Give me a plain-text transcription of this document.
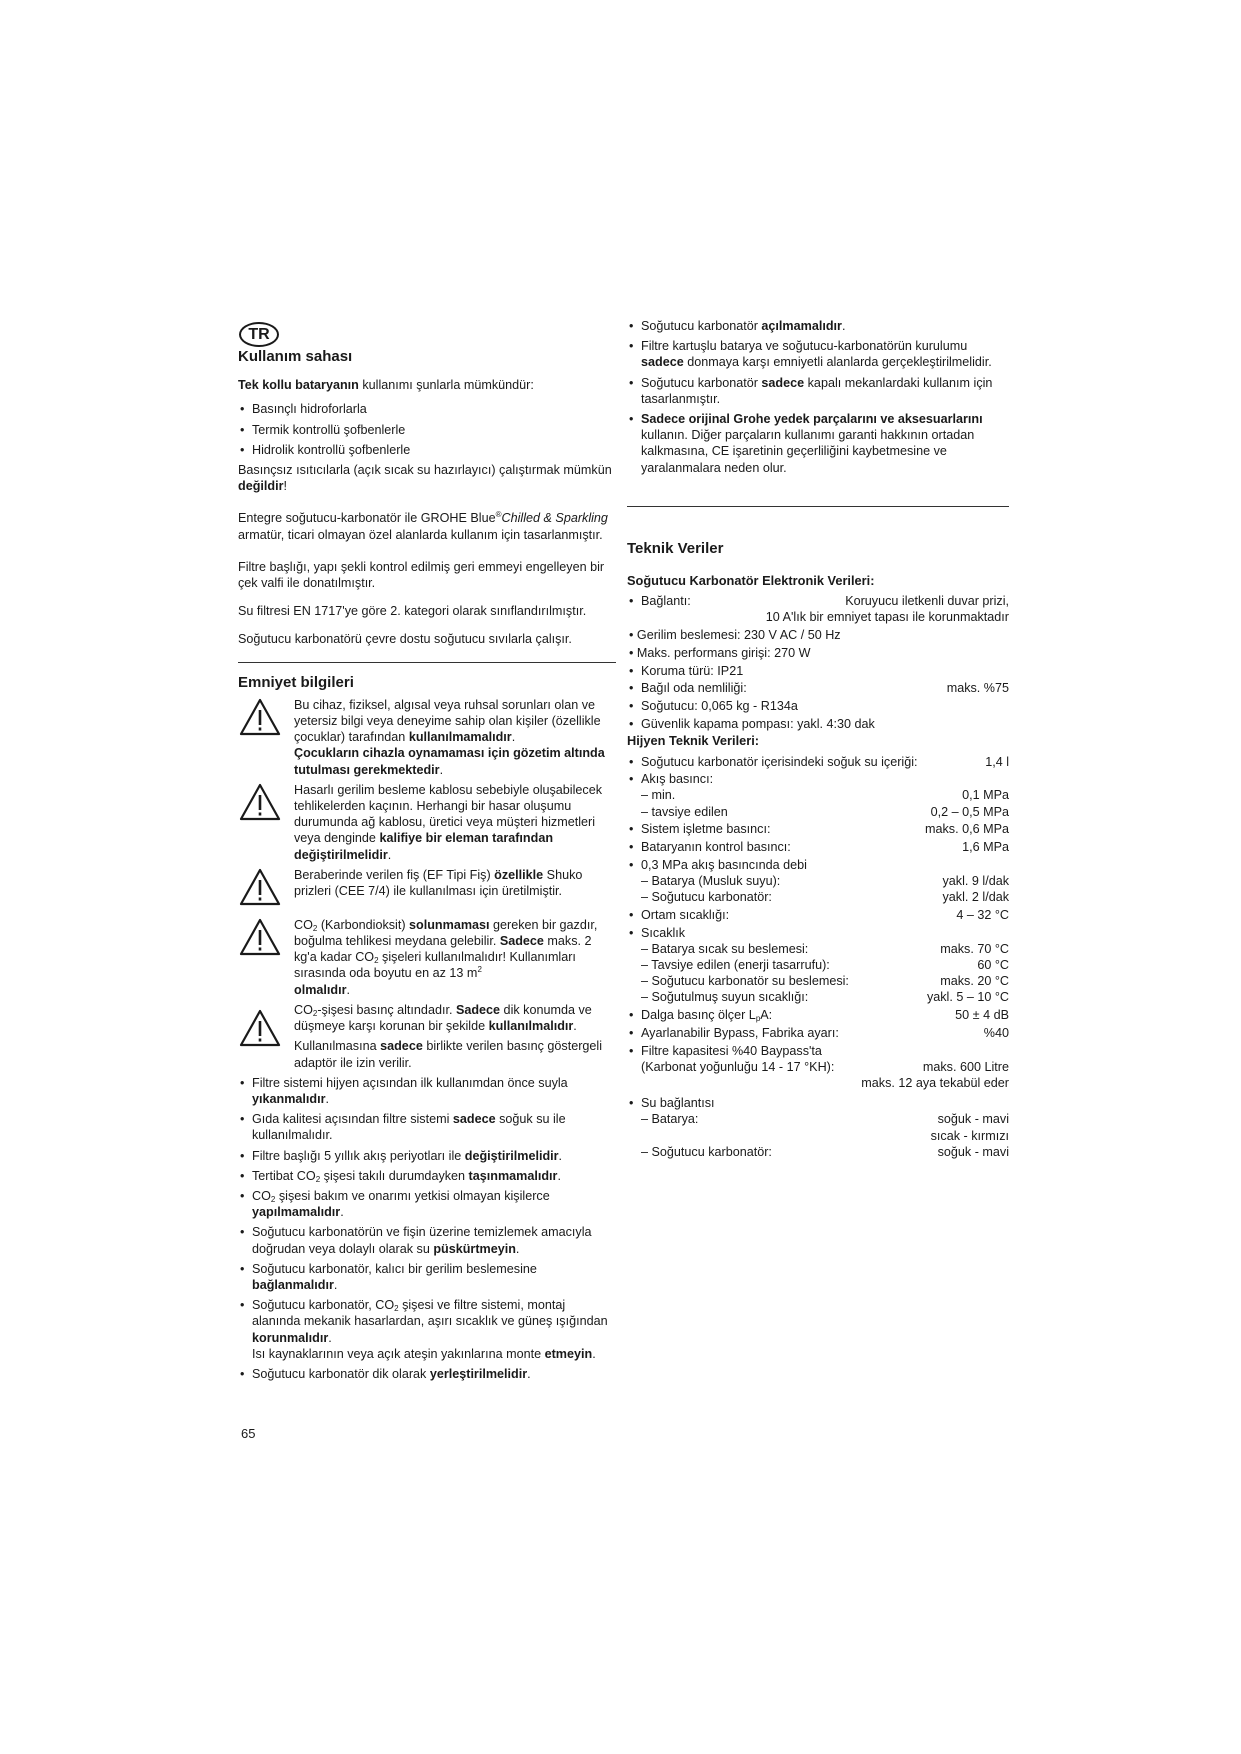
TR
Kullanım sahası

Tek kollu bataryanın kullanımı şunlarla mümkündür:

• Basınçlı hidroforlarla
• Termik kontrollü şofbenlerle
• Hidrolik kontrollü şofbenlerle

Basınçsız ısıtıcılarla (açık sıcak su hazırlayıcı) çalıştırmak mümkün değildir!

Entegre soğutucu-karbonatör ile GROHE Blue®Chilled & Sparkling armatür, ticari olmayan özel alanlarda kullanım için tasarlanmıştır.

Filtre başlığı, yapı şekli kontrol edilmiş geri emmeyi engelleyen bir çek valfi ile donatılmıştır.

Su filtresi EN 1717'ye göre 2. kategori olarak sınıflandırılmıştır.

Soğutucu karbonatörü çevre dostu soğutucu sıvılarla çalışır.

Emniyet bilgileri
Bu cihaz, fiziksel, algısal veya ruhsal sorunları olan ve yetersiz bilgi veya deneyime sahip olan kişiler (özellikle çocuklar) tarafından kullanılmamalıdır.
Çocukların cihazla oynamaması için gözetim altında tutulması gerekmektedir.
Hasarlı gerilim besleme kablosu sebebiyle oluşabilecek tehlikelerden kaçının. Herhangi bir hasar oluşumu durumunda ağ kablosu, üretici veya müşteri hizmetleri veya denginde kalifiye bir eleman tarafından değiştirilmelidir.
Beraberinde verilen fiş (EF Tipi Fiş) özellikle Shuko prizleri (CEE 7/4) ile kullanılması için üretilmiştir.
$CO_2$ (Karbondioksit) solunmaması gereken bir gazdır, boğulma tehlikesi meydana gelebilir. Sadece maks. 2 kg'a kadar $CO_2$ şişeleri kullanılmalıdır! Kullanımları sırasında oda boyutu en az 13 $m^2$
olmalıdır.
$CO_2$-şişesi basınç altındadır. Sadece dik konumda ve düşmeye karşı korunan bir şekilde kullanılmalıdır.
Kullanılmasına sadece birlikte verilen basınç göstergeli adaptör ile izin verilir.
• Filtre sistemi hijyen açısından ilk kullanımdan önce suyla yıkanmalıdır.
• Gıda kalitesi açısından filtre sistemi sadece soğuk su ile kullanılmalıdır.
• Filtre başlığı 5 yıllık akış periyotları ile değiştirilmelidir.
• Tertibat $CO_2$ şişesi takılı durumdayken taşınmamalıdır.
• $CO_2$ şişesi bakım ve onarımı yetkisi olmayan kişilerce yapılmamalıdır.
• Soğutucu karbonatörün ve fişin üzerine temizlemek amacıyla doğrudan veya dolaylı olarak su püskürtmeyin.
• Soğutucu karbonatör, kalıcı bir gerilim beslemesine bağlanmalıdır.
• Soğutucu karbonatör, $CO_2$ şişesi ve filtre sistemi, montaj alanında mekanik hasarlardan, aşırı sıcaklık ve güneş ışığından korunmalıdır.
Isı kaynaklarının veya açık ateşin yakınlarına monte etmeyin.
• Soğutucu karbonatör dik olarak yerleştirilmelidir.
• Soğutucu karbonatör açılmamalıdır.
• Filtre kartuşlu batarya ve soğutucu-karbonatörün kurulumu sadece donmaya karşı emniyetli alanlarda gerçekleştirilmelidir.
• Soğutucu karbonatör sadece kapalı mekanlardaki kullanım için tasarlanmıştır.
• Sadece orijinal Grohe yedek parçalarını ve aksesuarlarını kullanın. Diğer parçaların kullanımı garanti hakkının ortadan kalkmasına, CE işaretinin geçerliliğini kaybetmesine ve yaralanmalara neden olur.
Teknik Veriler
Soğutucu Karbonatör Elektronik Verileri:
• Bağlantı:	Koruyucu iletkenli duvar prizi,
10 A'lık bir emniyet tapası ile korunmaktadır
• Gerilim beslemesi: 230 V AC / 50 Hz
• Maks. performans girişi: 270 W
• Koruma türü: IP21
• Bağıl oda nemliliği:	maks. %75
• Soğutucu: 0,065 kg - R134a
• Güvenlik kapama pompası: yakl. 4:30 dak
Hijyen Teknik Verileri:
• Soğutucu karbonatör içerisindeki soğuk su içeriği:	1,4 l
• Akış basıncı:
– min.	0,1 MPa
– tavsiye edilen	0,2 – 0,5 MPa
• Sistem işletme basıncı:	maks. 0,6 MPa
• Bataryanın kontrol basıncı:	1,6 MPa
• 0,3 MPa akış basıncında debi
– Batarya (Musluk suyu):	yakl. 9 l/dak
– Soğutucu karbonatör:	yakl. 2 l/dak
• Ortam sıcaklığı:	4 – 32 °C
• Sıcaklık
– Batarya sıcak su beslemesi:	maks. 70 °C
– Tavsiye edilen (enerji tasarrufu):	60 °C
– Soğutucu karbonatör su beslemesi:	maks. 20 °C
– Soğutulmuş suyun sıcaklığı:	yakl. 5 – 10 °C
• Dalga basınç ölçer $L_pA$:	50 ± 4 dB
• Ayarlanabilir Bypass, Fabrika ayarı:	%40
• Filtre kapasitesi %40 Baypass'ta
(Karbonat yoğunluğu 14 - 17 °KH):	maks. 600 Litre
maks. 12 aya tekabül eder
• Su bağlantısı
– Batarya:	soğuk - mavi
sıcak - kırmızı
– Soğutucu karbonatör:	soğuk - mavi
65
